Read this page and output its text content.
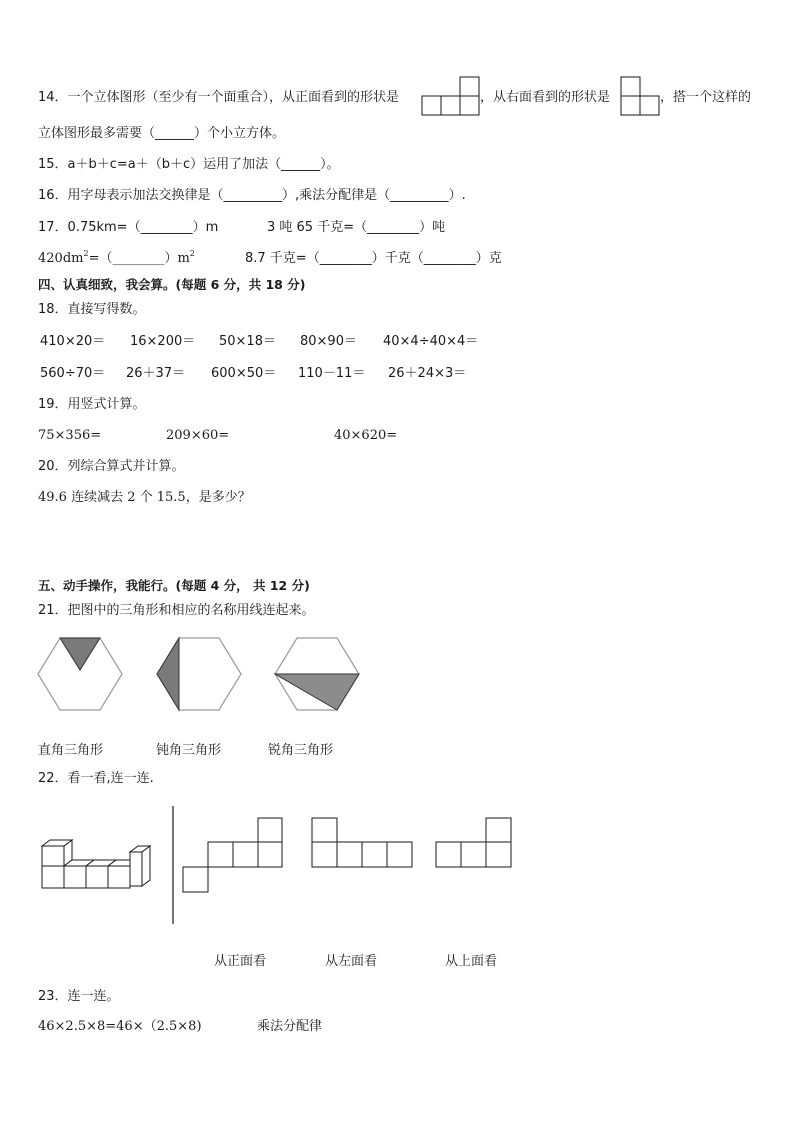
14．一个立体图形（至少有一个面重合），从正面看到的形状是	，从右面看到的形状是	，搭一个这样的
立体图形最多需要（______）个小立方体。
15．a＋b＋c=a＋（b＋c）运用了加法（______）。
16．用字母表示加法交换律是（_________）,乘法分配律是（_________）.
17．0.75km=（________）m	3 吨 65 千克=（________）吨
$420dm^2=(\_\_\_\_\_\_\_\_)m^2$	8.7 千克=（________）千克（________）克
四、认真细致，我会算。(每题 6 分，共 18 分)
18．直接写得数。
410×20＝ 16×200＝ 50×18＝ 80×90＝ 40×4÷40×4＝
560÷70＝ 26＋37＝ 600×50＝ 110－11＝ 26＋24×3＝
19．用竖式计算。
75×356=	209×60=	40×620=
20．列综合算式并计算。
49.6 连续减去 2 个 15.5，是多少？
五、动手操作，我能行。(每题 4 分， 共 12 分)
21．把图中的三角形和相应的名称用线连起来。
直角三角形	钝角三角形	锐角三角形
22．看一看,连一连.
从正面看	从左面看	从上面看
23．连一连。
46×2.5×8=46×（2.5×8)	乘法分配律
